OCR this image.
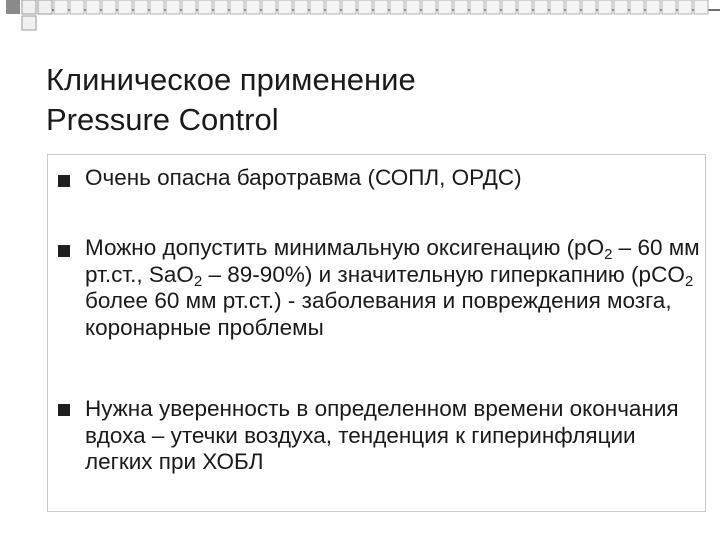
Клиническое применение
Pressure Control
Очень опасна баротравма (СОПЛ, ОРДС)
Можно допустить минимальную оксигенацию ($pO_2 - 60$ мм рт.ст., SaO$_2$ – 89-90%) и значительную гиперкапнию (pCO$_2$ более 60 мм рт.ст.) - заболевания и повреждения мозга, коронарные проблемы
Нужна уверенность в определенном времени окончания вдоха – утечки воздуха, тенденция к гиперинфляции легких при ХОБЛ
